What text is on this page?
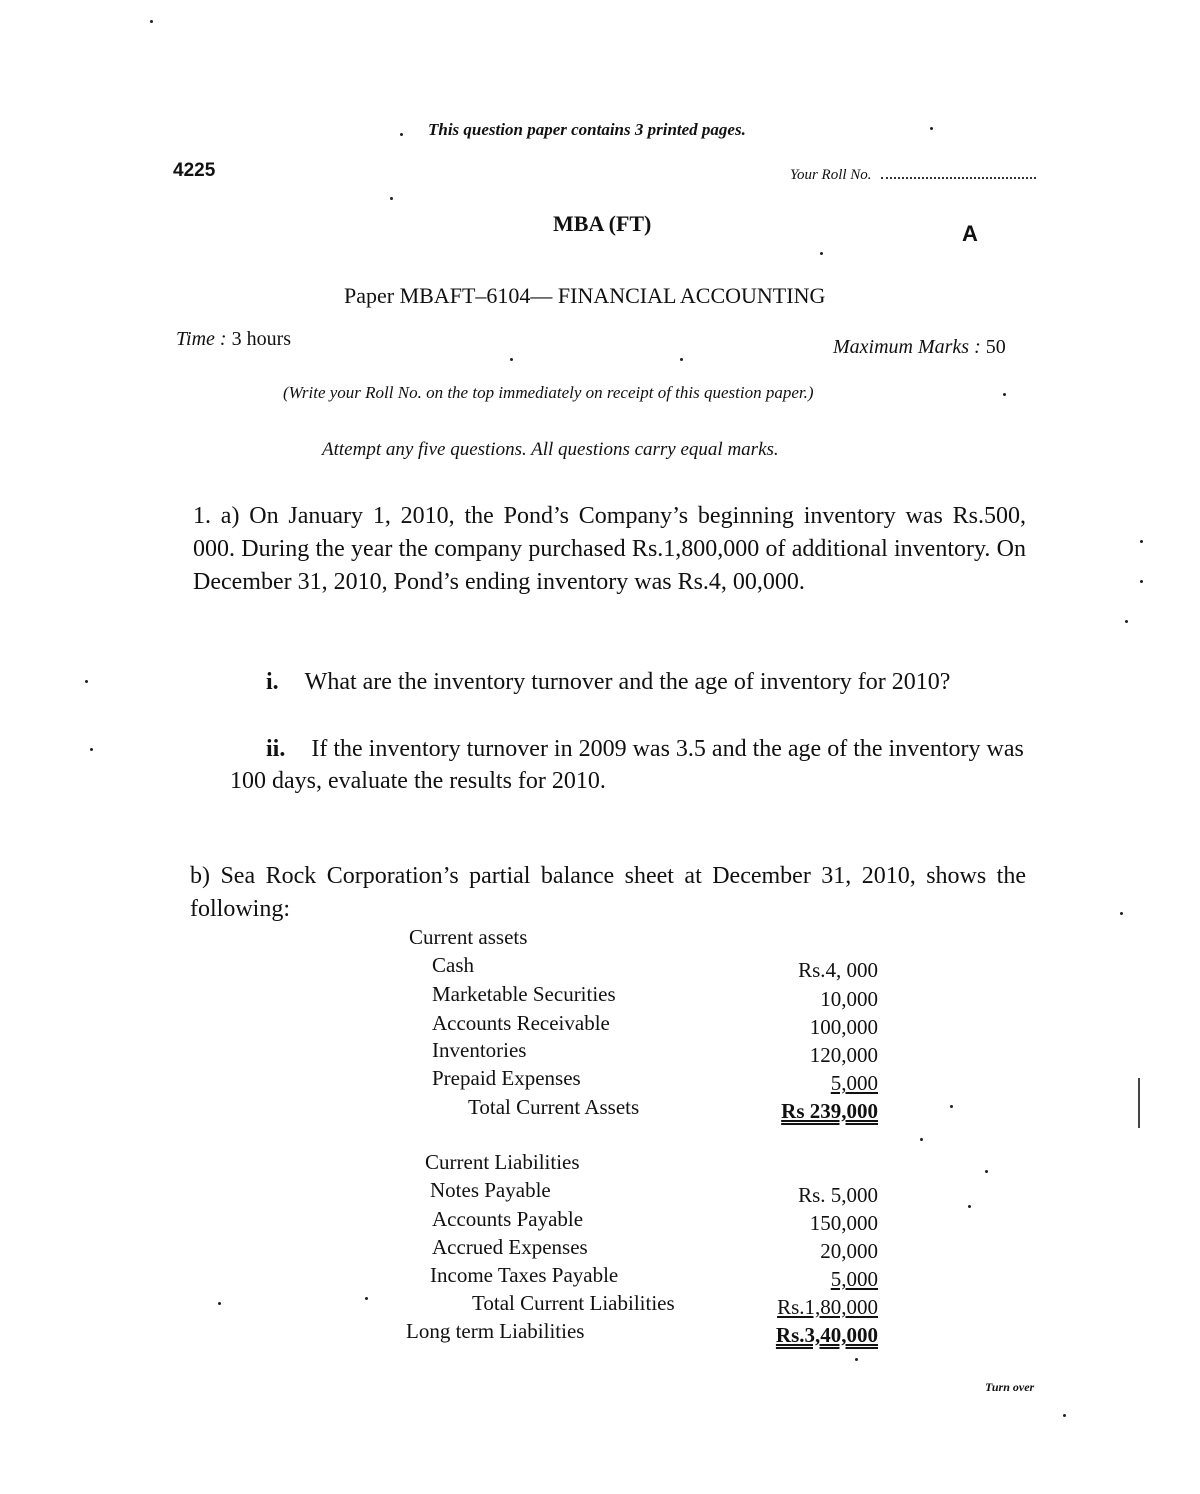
This question paper contains 3 printed pages.
4225	Your Roll No.
MBA (FT)	A
Paper MBAFT–6104— FINANCIAL ACCOUNTING
Time : 3 hours	Maximum Marks : 50
(Write your Roll No. on the top immediately on receipt of this question paper.)
Attempt any five questions. All questions carry equal marks.
1. a) On January 1, 2010, the Pond’s Company’s beginning inventory was Rs.500, 000. During the year the company purchased Rs.1,800,000 of additional inventory. On December 31, 2010, Pond’s ending inventory was Rs.4, 00,000.
i. What are the inventory turnover and the age of inventory for 2010?
ii. If the inventory turnover in 2009 was 3.5 and the age of the inventory was 100 days, evaluate the results for 2010.
b) Sea Rock Corporation’s partial balance sheet at December 31, 2010, shows the following:
Current assets
Cash	Rs.4, 000
Marketable Securities	10,000
Accounts Receivable	100,000
Inventories	120,000
Prepaid Expenses	5,000
Total Current Assets	Rs 239,000
Current Liabilities
Notes Payable	Rs. 5,000
Accounts Payable	150,000
Accrued Expenses	20,000
Income Taxes Payable	5,000
Total Current Liabilities	Rs.1,80,000
Long term Liabilities	Rs.3,40,000
Turn over
